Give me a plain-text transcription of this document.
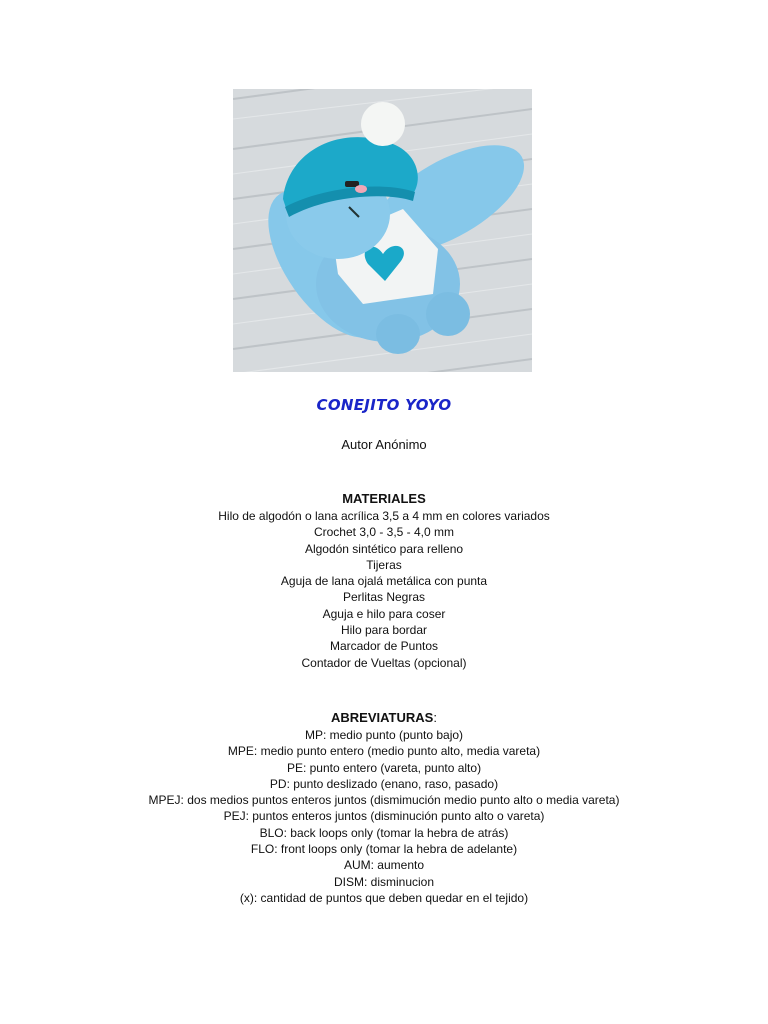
CONEJITO YOYO
Autor Anónimo
MATERIALES
Hilo de algodón o lana acrílica 3,5 a 4 mm en colores variados
Crochet 3,0 - 3,5 - 4,0 mm
Algodón sintético para relleno
Tijeras
Aguja de lana ojalá metálica con punta
Perlitas Negras
Aguja e hilo para coser
Hilo para bordar
Marcador de Puntos
Contador de Vueltas (opcional)
ABREVIATURAS:
MP: medio punto (punto bajo)
MPE: medio punto entero (medio punto alto, media vareta)
PE: punto entero (vareta, punto alto)
PD: punto deslizado (enano, raso, pasado)
MPEJ: dos medios puntos enteros juntos (dismimución medio punto alto o media vareta)
PEJ: puntos enteros juntos (disminución punto alto o vareta)
BLO: back loops only (tomar la hebra de atrás)
FLO: front loops only (tomar la hebra de adelante)
AUM: aumento
DISM: disminucion
(x): cantidad de puntos que deben quedar en el tejido)
